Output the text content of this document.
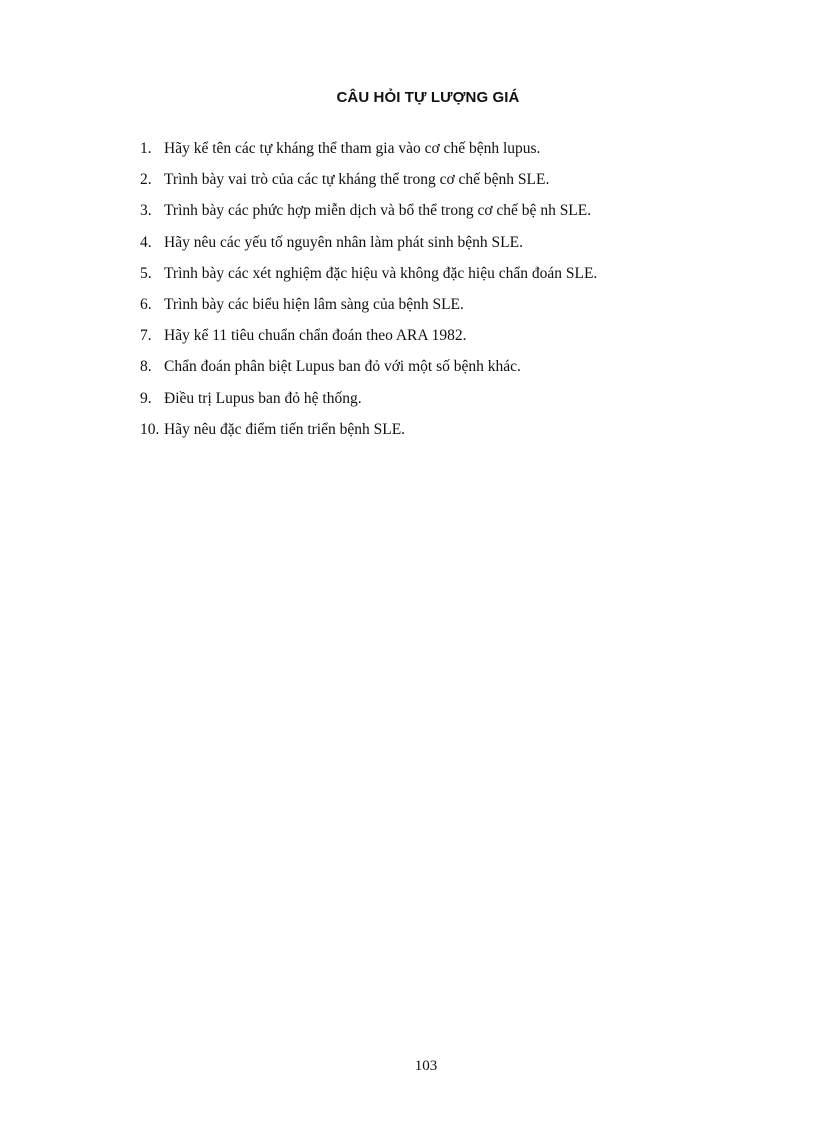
CÂU HỎI TỰ LƯỢNG GIÁ
1. Hãy kể tên các tự kháng thể tham gia vào cơ chế bệnh lupus.
2. Trình bày vai trò của các tự kháng thể trong cơ chế bệnh SLE.
3. Trình bày các phức hợp miễn dịch và bổ thể trong cơ chế bệ nh SLE.
4. Hãy nêu các yếu tố nguyên nhân làm phát sinh bệnh SLE.
5. Trình bày các xét nghiệm đặc hiệu và không đặc hiệu chẩn đoán SLE.
6. Trình bày các biểu hiện lâm sàng của bệnh SLE.
7. Hãy kể 11 tiêu chuẩn chẩn đoán theo ARA 1982.
8. Chẩn đoán phân biệt Lupus ban đỏ với một số bệnh khác.
9. Điều trị Lupus ban đỏ hệ thống.
10. Hãy nêu đặc điểm tiến triển bệnh SLE.
103
